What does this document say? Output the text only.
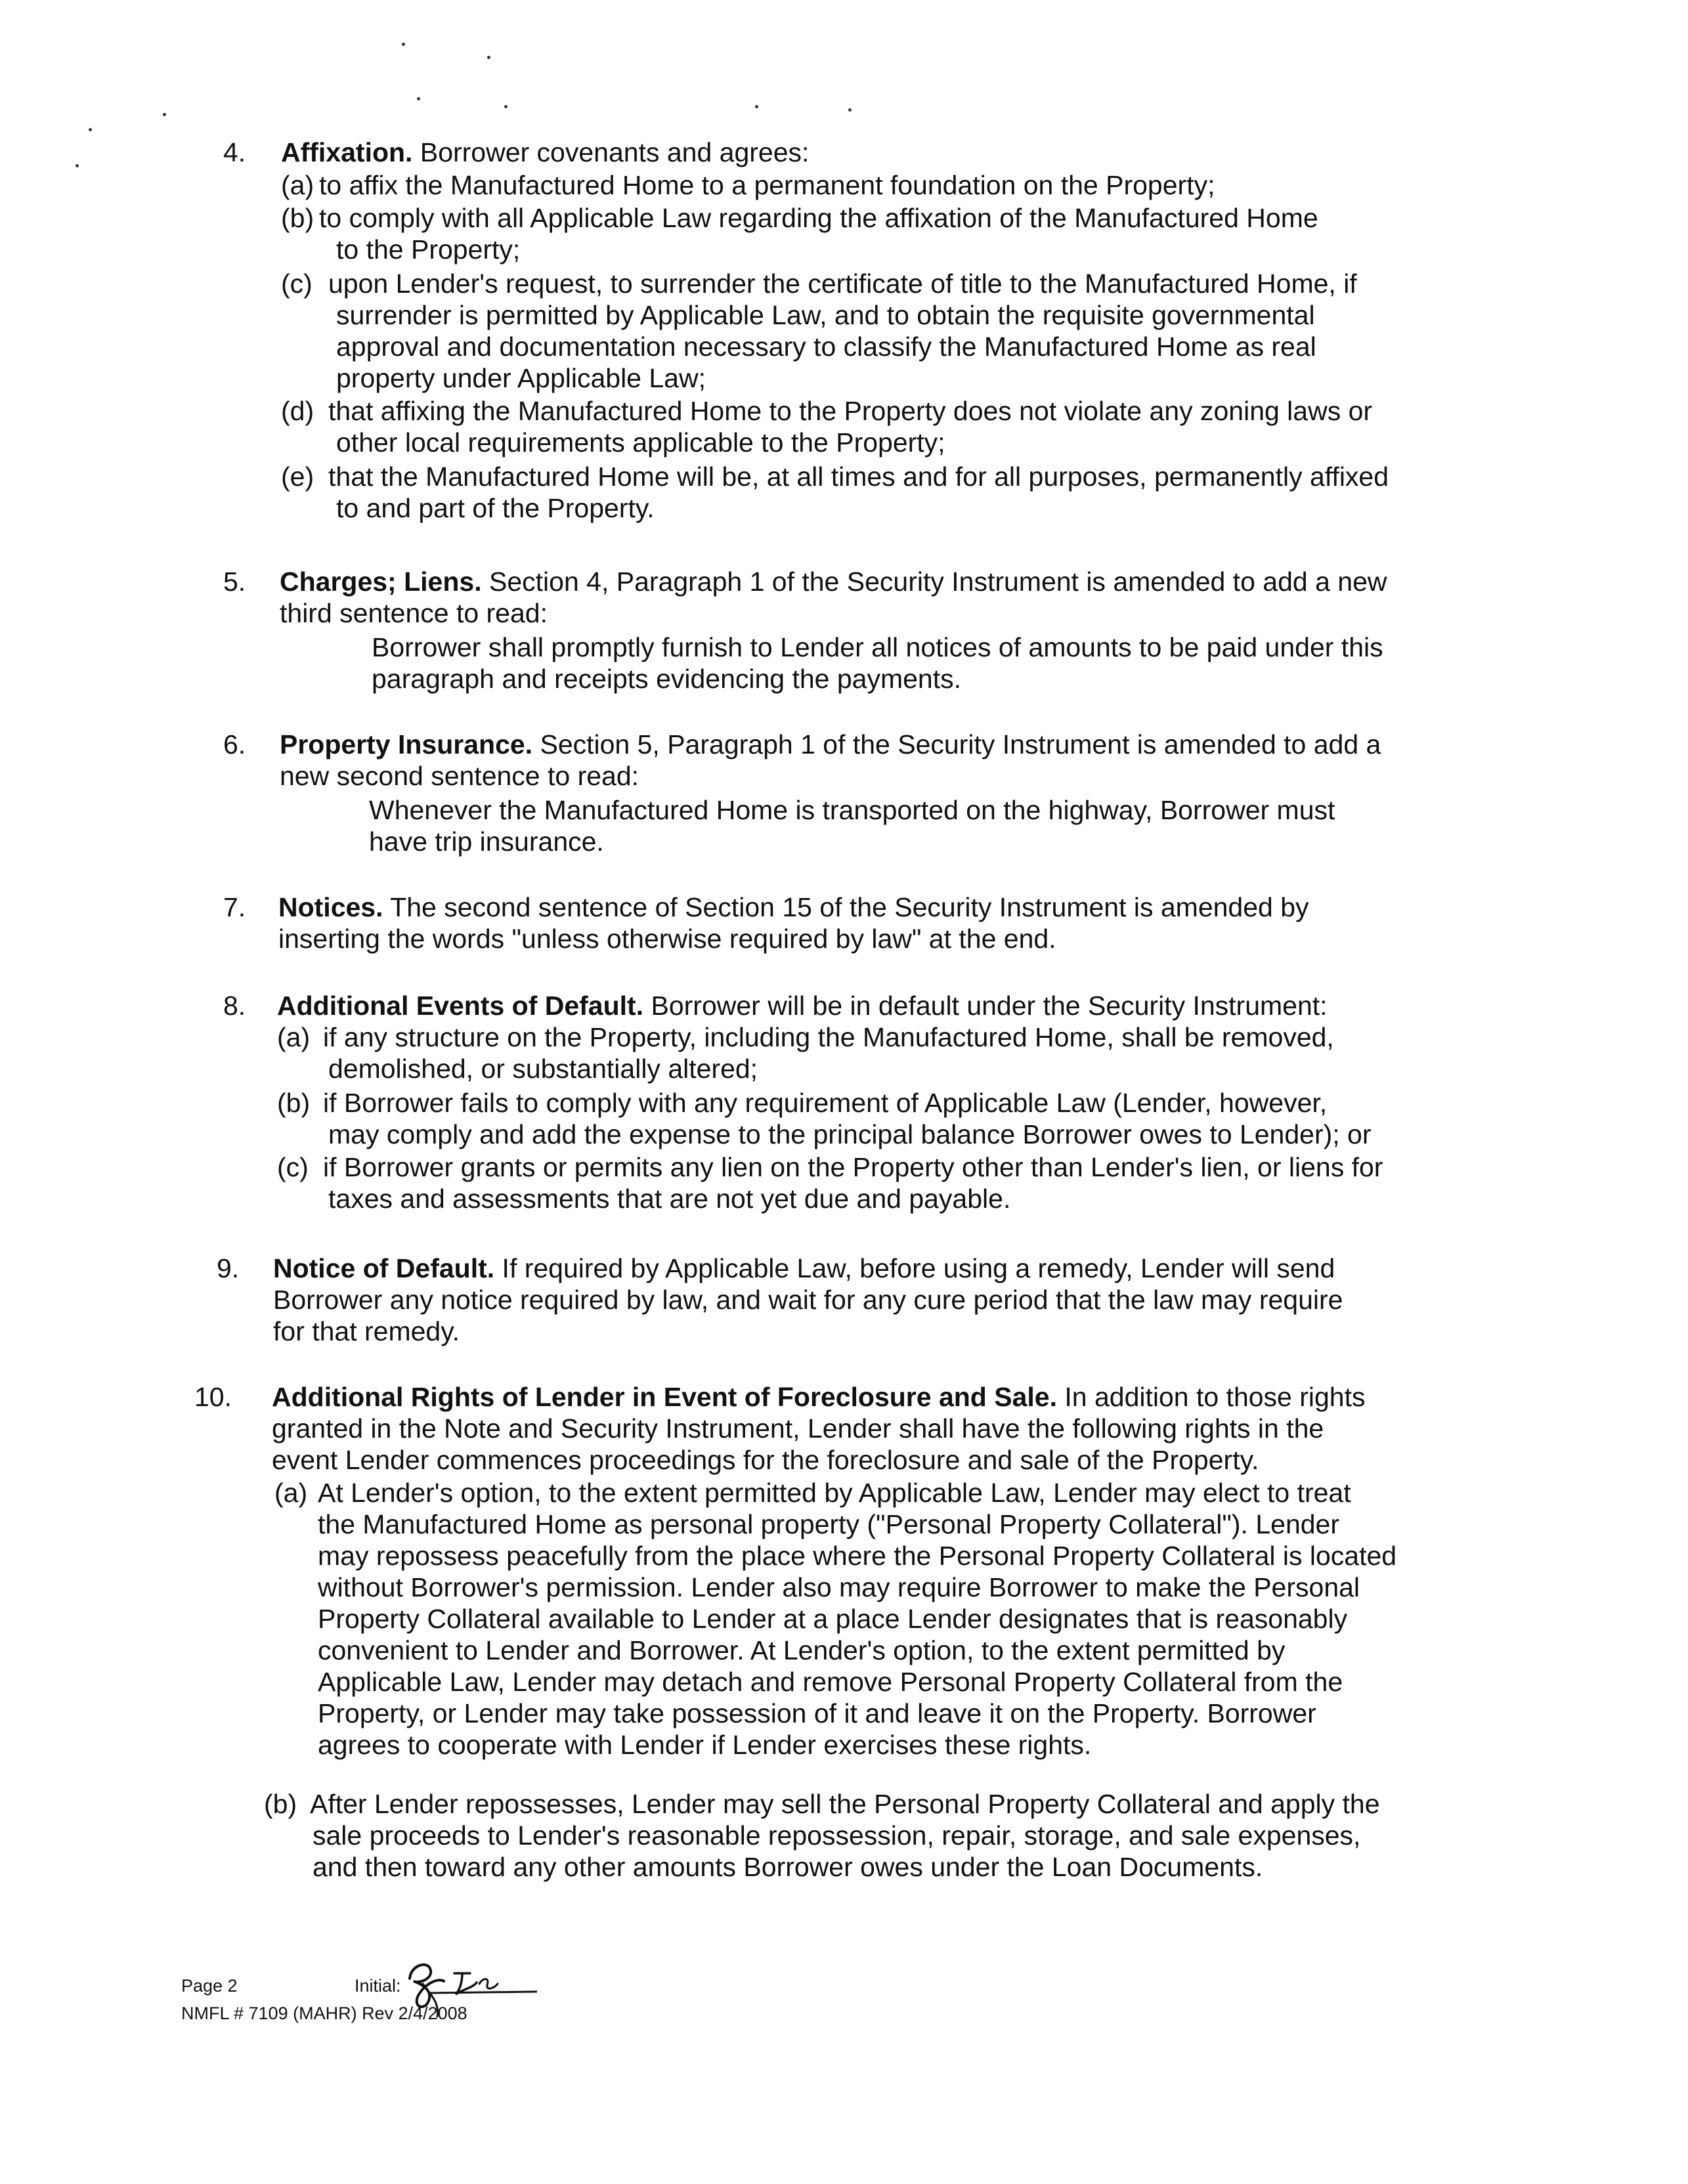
4. Affixation. Borrower covenants and agrees:
(a) to affix the Manufactured Home to a permanent foundation on the Property;
(b) to comply with all Applicable Law regarding the affixation of the Manufactured Home
to the Property;
(c) upon Lender's request, to surrender the certificate of title to the Manufactured Home, if
surrender is permitted by Applicable Law, and to obtain the requisite governmental
approval and documentation necessary to classify the Manufactured Home as real
property under Applicable Law;
(d) that affixing the Manufactured Home to the Property does not violate any zoning laws or
other local requirements applicable to the Property;
(e) that the Manufactured Home will be, at all times and for all purposes, permanently affixed
to and part of the Property.
5. Charges; Liens. Section 4, Paragraph 1 of the Security Instrument is amended to add a new
third sentence to read:
Borrower shall promptly furnish to Lender all notices of amounts to be paid under this
paragraph and receipts evidencing the payments.
6. Property Insurance. Section 5, Paragraph 1 of the Security Instrument is amended to add a
new second sentence to read:
Whenever the Manufactured Home is transported on the highway, Borrower must
have trip insurance.
7. Notices. The second sentence of Section 15 of the Security Instrument is amended by
inserting the words "unless otherwise required by law" at the end.
8. Additional Events of Default. Borrower will be in default under the Security Instrument:
(a) if any structure on the Property, including the Manufactured Home, shall be removed,
demolished, or substantially altered;
(b) if Borrower fails to comply with any requirement of Applicable Law (Lender, however,
may comply and add the expense to the principal balance Borrower owes to Lender); or
(c) if Borrower grants or permits any lien on the Property other than Lender's lien, or liens for
taxes and assessments that are not yet due and payable.
9. Notice of Default. If required by Applicable Law, before using a remedy, Lender will send
Borrower any notice required by law, and wait for any cure period that the law may require
for that remedy.
10. Additional Rights of Lender in Event of Foreclosure and Sale. In addition to those rights
granted in the Note and Security Instrument, Lender shall have the following rights in the
event Lender commences proceedings for the foreclosure and sale of the Property.
(a) At Lender's option, to the extent permitted by Applicable Law, Lender may elect to treat
the Manufactured Home as personal property ("Personal Property Collateral"). Lender
may repossess peacefully from the place where the Personal Property Collateral is located
without Borrower's permission. Lender also may require Borrower to make the Personal
Property Collateral available to Lender at a place Lender designates that is reasonably
convenient to Lender and Borrower. At Lender's option, to the extent permitted by
Applicable Law, Lender may detach and remove Personal Property Collateral from the
Property, or Lender may take possession of it and leave it on the Property. Borrower
agrees to cooperate with Lender if Lender exercises these rights.
(b) After Lender repossesses, Lender may sell the Personal Property Collateral and apply the
sale proceeds to Lender's reasonable repossession, repair, storage, and sale expenses,
and then toward any other amounts Borrower owes under the Loan Documents.
Page 2	Initial:
NMFL # 7109 (MAHR) Rev 2/4/2008
